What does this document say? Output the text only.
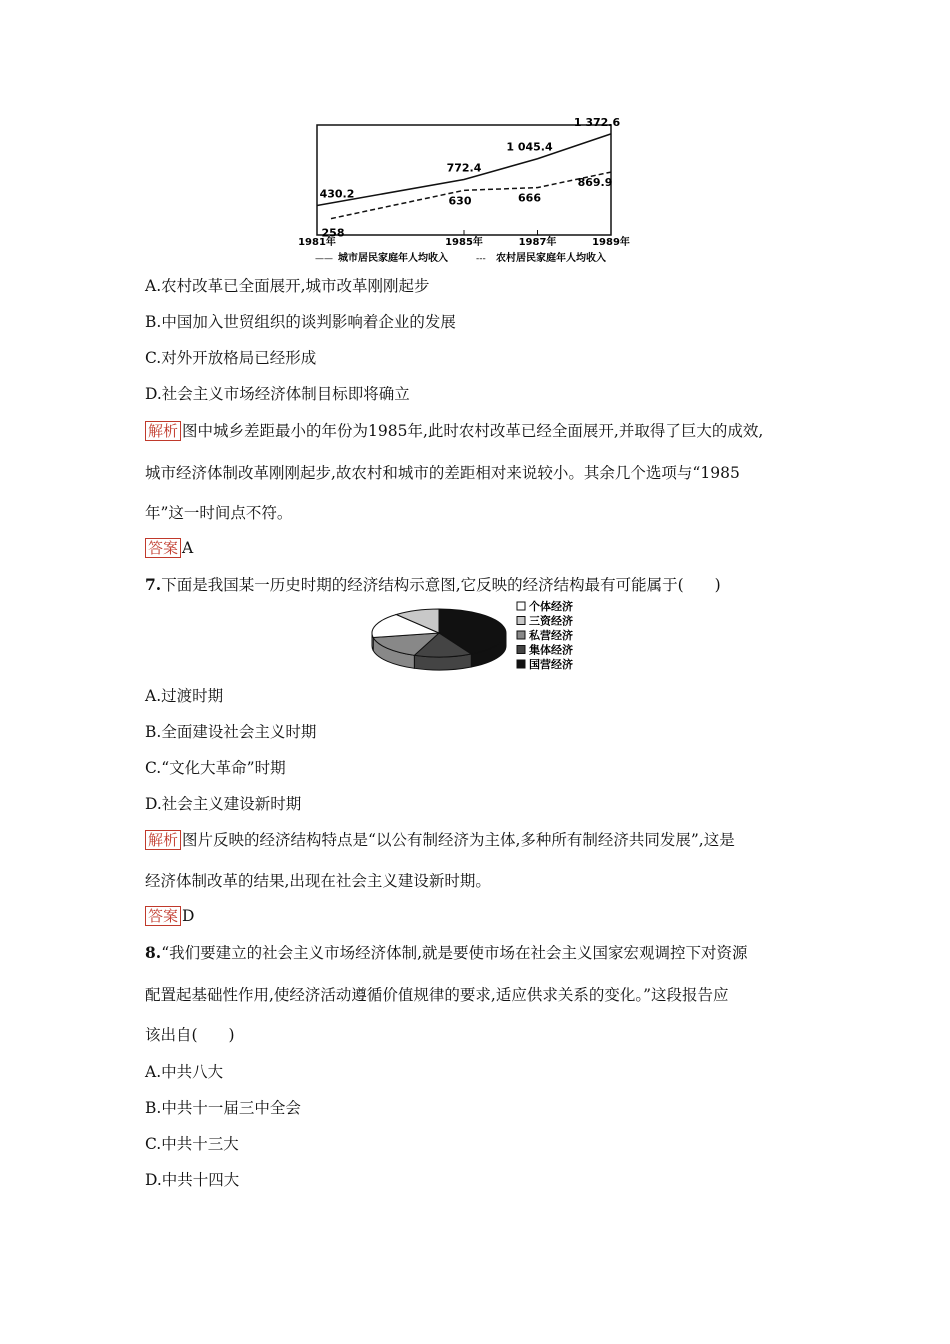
430.2
772.4
1 045.4
1 372.6
258
630	666
869.9
1981年	1985年	1987年	1989年
—— 城市居民家庭年人均收入	--- 农村居民家庭年人均收入
A.农村改革已全面展开,城市改革刚刚起步
B.中国加入世贸组织的谈判影响着企业的发展
C.对外开放格局已经形成
D.社会主义市场经济体制目标即将确立
解析 图中城乡差距最小的年份为1985年,此时农村改革已经全面展开,并取得了巨大的成效,
城市经济体制改革刚刚起步,故农村和城市的差距相对来说较小。其余几个选项与“1985
年”这一时间点不符。
答案 A
7.下面是我国某一历史时期的经济结构示意图,它反映的经济结构最有可能属于(　　)
个体经济
三资经济
私营经济
集体经济
国营经济
A.过渡时期
B.全面建设社会主义时期
C.“文化大革命”时期
D.社会主义建设新时期
解析 图片反映的经济结构特点是“以公有制经济为主体,多种所有制经济共同发展”,这是
经济体制改革的结果,出现在社会主义建设新时期。
答案 D
8.“我们要建立的社会主义市场经济体制,就是要使市场在社会主义国家宏观调控下对资源
配置起基础性作用,使经济活动遵循价值规律的要求,适应供求关系的变化。”这段报告应
该出自(　　)
A.中共八大
B.中共十一届三中全会
C.中共十三大
D.中共十四大
